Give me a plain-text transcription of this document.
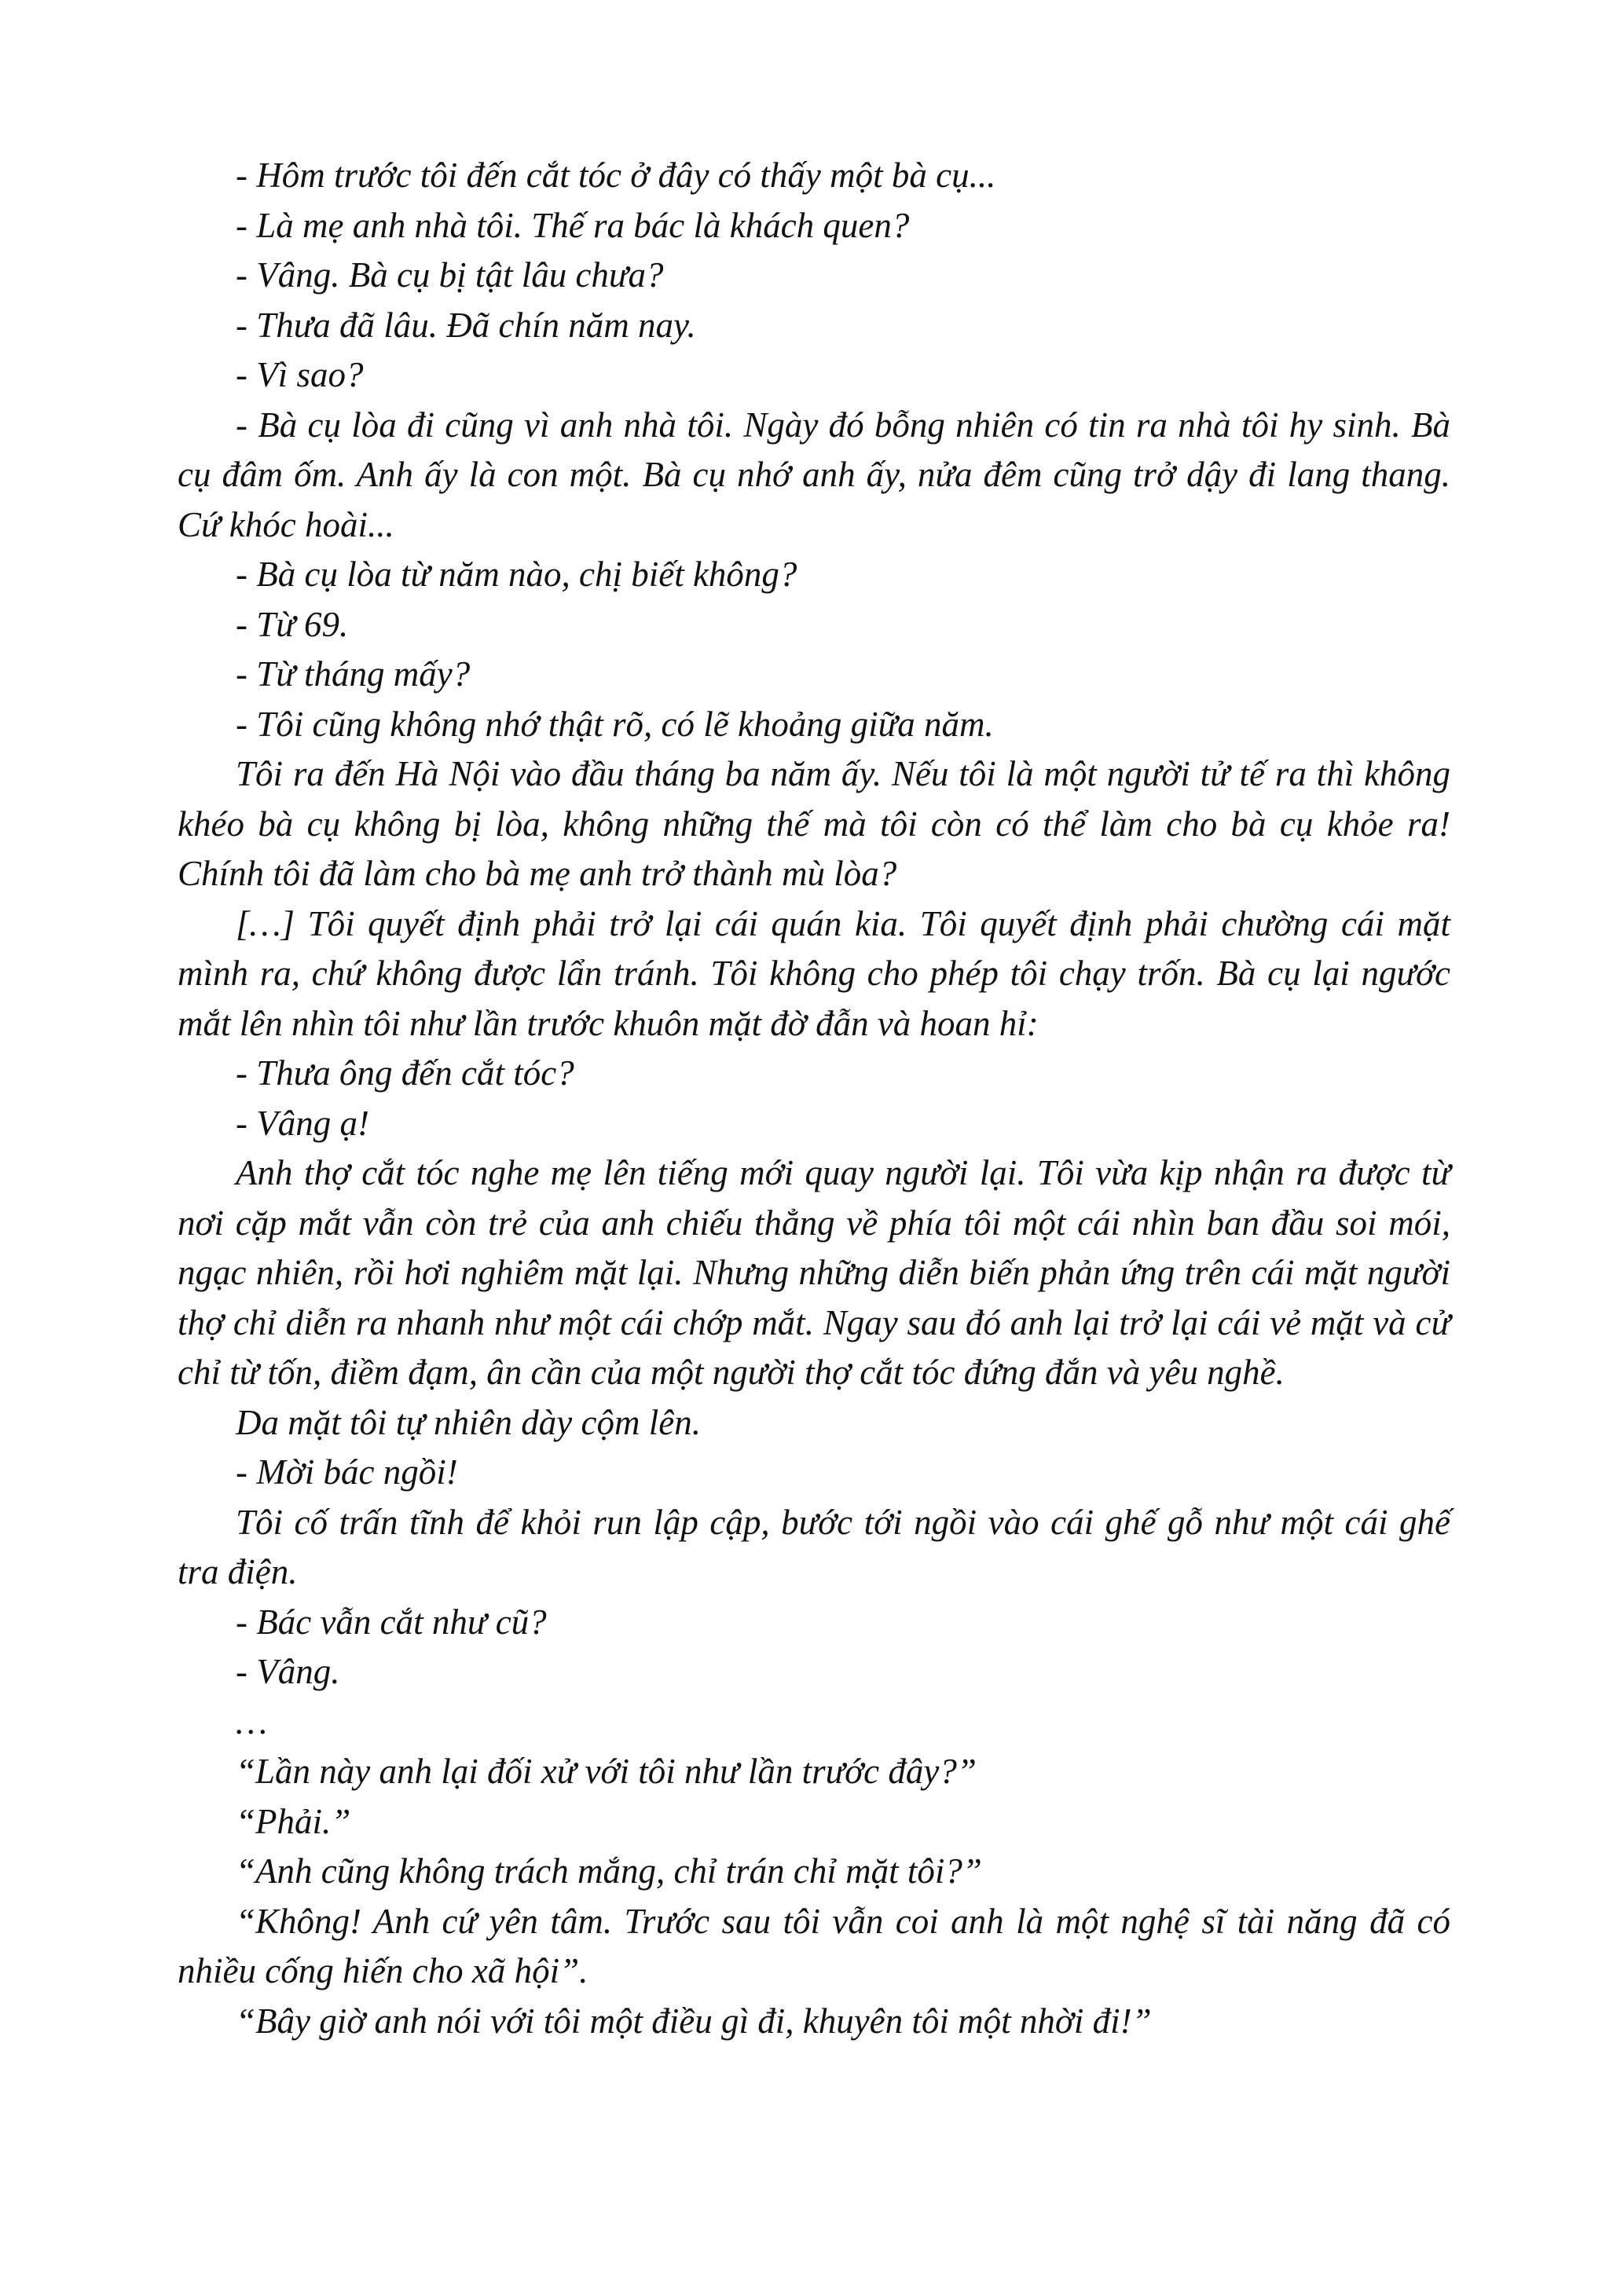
- Hôm trước tôi đến cắt tóc ở đây có thấy một bà cụ...

- Là mẹ anh nhà tôi. Thế ra bác là khách quen?

- Vâng. Bà cụ bị tật lâu chưa?

- Thưa đã lâu. Đã chín năm nay.

- Vì sao?

- Bà cụ lòa đi cũng vì anh nhà tôi. Ngày đó bỗng nhiên có tin ra nhà tôi hy sinh. Bà cụ đâm ốm. Anh ấy là con một. Bà cụ nhớ anh ấy, nửa đêm cũng trở dậy đi lang thang. Cứ khóc hoài...

- Bà cụ lòa từ năm nào, chị biết không?

- Từ 69.

- Từ tháng mấy?

- Tôi cũng không nhớ thật rõ, có lẽ khoảng giữa năm.

Tôi ra đến Hà Nội vào đầu tháng ba năm ấy. Nếu tôi là một người tử tế ra thì không khéo bà cụ không bị lòa, không những thế mà tôi còn có thể làm cho bà cụ khỏe ra! Chính tôi đã làm cho bà mẹ anh trở thành mù lòa?

[…] Tôi quyết định phải trở lại cái quán kia. Tôi quyết định phải chường cái mặt mình ra, chứ không được lẩn tránh. Tôi không cho phép tôi chạy trốn. Bà cụ lại ngước mắt lên nhìn tôi như lần trước khuôn mặt đờ đẫn và hoan hỉ:

- Thưa ông đến cắt tóc?

- Vâng ạ!

Anh thợ cắt tóc nghe mẹ lên tiếng mới quay người lại. Tôi vừa kịp nhận ra được từ nơi cặp mắt vẫn còn trẻ của anh chiếu thẳng về phía tôi một cái nhìn ban đầu soi mói, ngạc nhiên, rồi hơi nghiêm mặt lại. Nhưng những diễn biến phản ứng trên cái mặt người thợ chỉ diễn ra nhanh như một cái chớp mắt. Ngay sau đó anh lại trở lại cái vẻ mặt và cử chỉ từ tốn, điềm đạm, ân cần của một người thợ cắt tóc đứng đắn và yêu nghề.

Da mặt tôi tự nhiên dày cộm lên.

- Mời bác ngồi!

Tôi cố trấn tĩnh để khỏi run lập cập, bước tới ngồi vào cái ghế gỗ như một cái ghế tra điện.

- Bác vẫn cắt như cũ?

- Vâng.

…

“Lần này anh lại đối xử với tôi như lần trước đây?”

“Phải.”

“Anh cũng không trách mắng, chỉ trán chỉ mặt tôi?”

“Không! Anh cứ yên tâm. Trước sau tôi vẫn coi anh là một nghệ sĩ tài năng đã có nhiều cống hiến cho xã hội”.

“Bây giờ anh nói với tôi một điều gì đi, khuyên tôi một nhời đi!”
